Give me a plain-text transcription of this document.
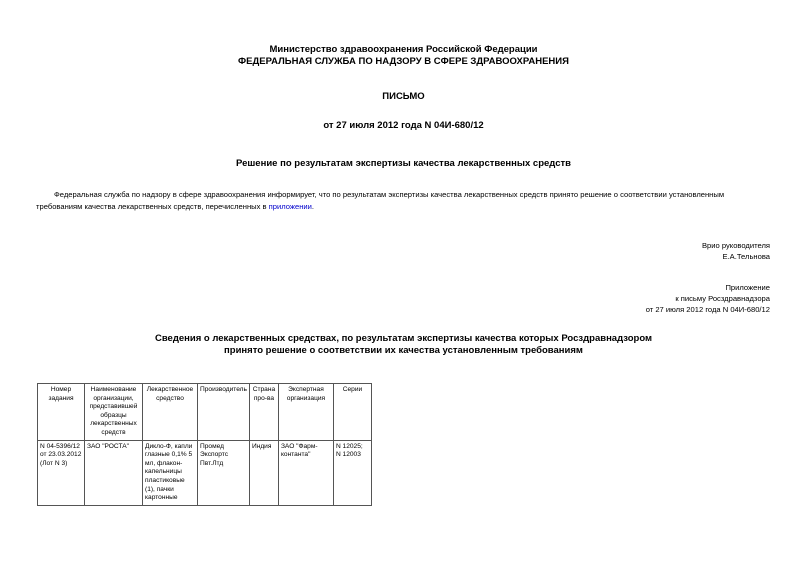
Министерство здравоохранения Российской Федерации
ФЕДЕРАЛЬНАЯ СЛУЖБА ПО НАДЗОРУ В СФЕРЕ ЗДРАВООХРАНЕНИЯ
ПИСЬМО
от 27 июля 2012 года N 04И-680/12
Решение по результатам экспертизы качества лекарственных средств
Федеральная служба по надзору в сфере здравоохранения информирует, что по результатам экспертизы качества лекарственных средств принято решение о соответствии установленным требованиям качества лекарственных средств, перечисленных в приложении.
Врио руководителя
Е.А.Тельнова
Приложение
к письму Росздравнадзора
от 27 июля 2012 года N 04И-680/12
Сведения о лекарственных средствах, по результатам экспертизы качества которых Росздравнадзором принято решение о соответствии их качества установленным требованиям
Номер задания	Наименование организации, представившей образцы лекарственных средств	Лекарственное средство	Производитель	Страна про-ва	Экспертная организация	Серии
N 04-5396/12 от 23.03.2012 (Лот N 3)	ЗАО "РОСТА"	Дикло-Ф, капли глазные 0,1% 5 мл, флакон-капельницы пластиковые (1), пачки картонные	Промед Экспортс Пвт.Лтд	Индия	ЗАО "Фарм-контанта"	N 12025; N 12003
